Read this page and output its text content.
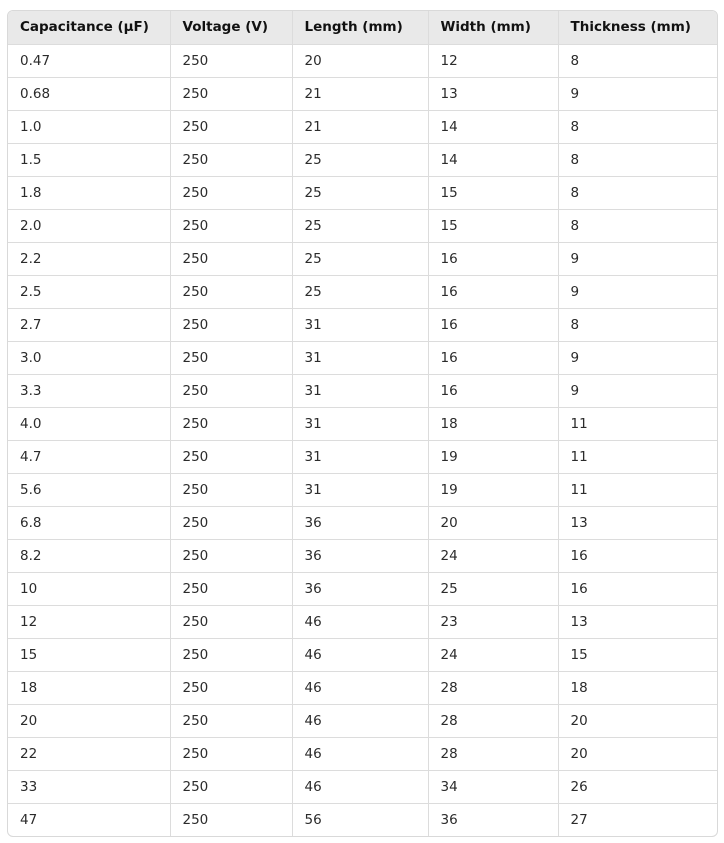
Capacitance (μF)	Voltage (V)	Length (mm)	Width (mm)	Thickness (mm)
0.47	250	20	12	8
0.68	250	21	13	9
1.0	250	21	14	8
1.5	250	25	14	8
1.8	250	25	15	8
2.0	250	25	15	8
2.2	250	25	16	9
2.5	250	25	16	9
2.7	250	31	16	8
3.0	250	31	16	9
3.3	250	31	16	9
4.0	250	31	18	11
4.7	250	31	19	11
5.6	250	31	19	11
6.8	250	36	20	13
8.2	250	36	24	16
10	250	36	25	16
12	250	46	23	13
15	250	46	24	15
18	250	46	28	18
20	250	46	28	20
22	250	46	28	20
33	250	46	34	26
47	250	56	36	27
